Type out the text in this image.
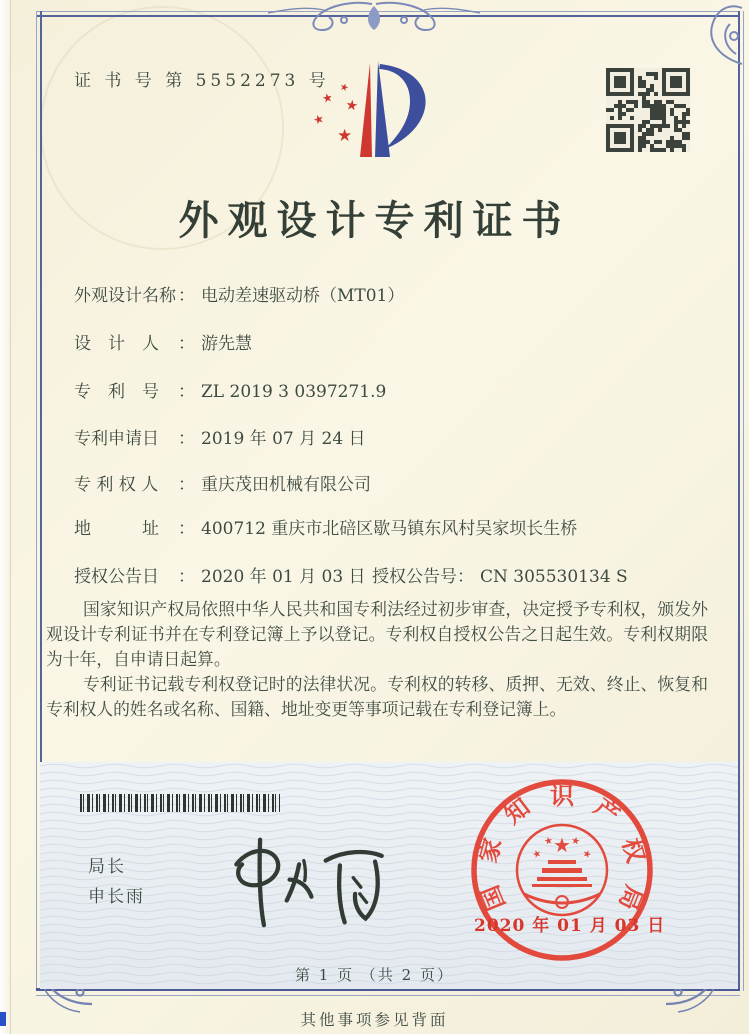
证 书 号 第 5552273 号 ★
★ ★
★
★
外观设计专利证书
外观设计名称 ： 电动差速驱动桥（MT01）
设　计　人 ： 游先慧
专　利　号 ： ZL 2019 3 0397271.9
专利申请日 ： 2019 年 07 月 24 日
专 利 权 人 ： 重庆茂田机械有限公司
地　　　址 ： 400712 重庆市北碚区歇马镇东风村吴家坝长生桥
授权公告日 ： 2020 年 01 月 03 日 授权公告号： CN 305530134 S

国家知识产权局依照中华人民共和国专利法经过初步审查，决定授予专利权，颁发外观设计专利证书并在专利登记簿上予以登记。专利权自授权公告之日起生效。专利权期限为十年，自申请日起算。

专利证书记载专利权登记时的法律状况。专利权的转移、质押、无效、终止、恢复和专利权人的姓名或名称、国籍、地址变更等事项记载在专利登记簿上。

局长
申长雨	国
家
知 识 产
权
局
★
★
★ ★
★
2020 年 01 月 03 日
第 1 页 （共 2 页）
其他事项参见背面
